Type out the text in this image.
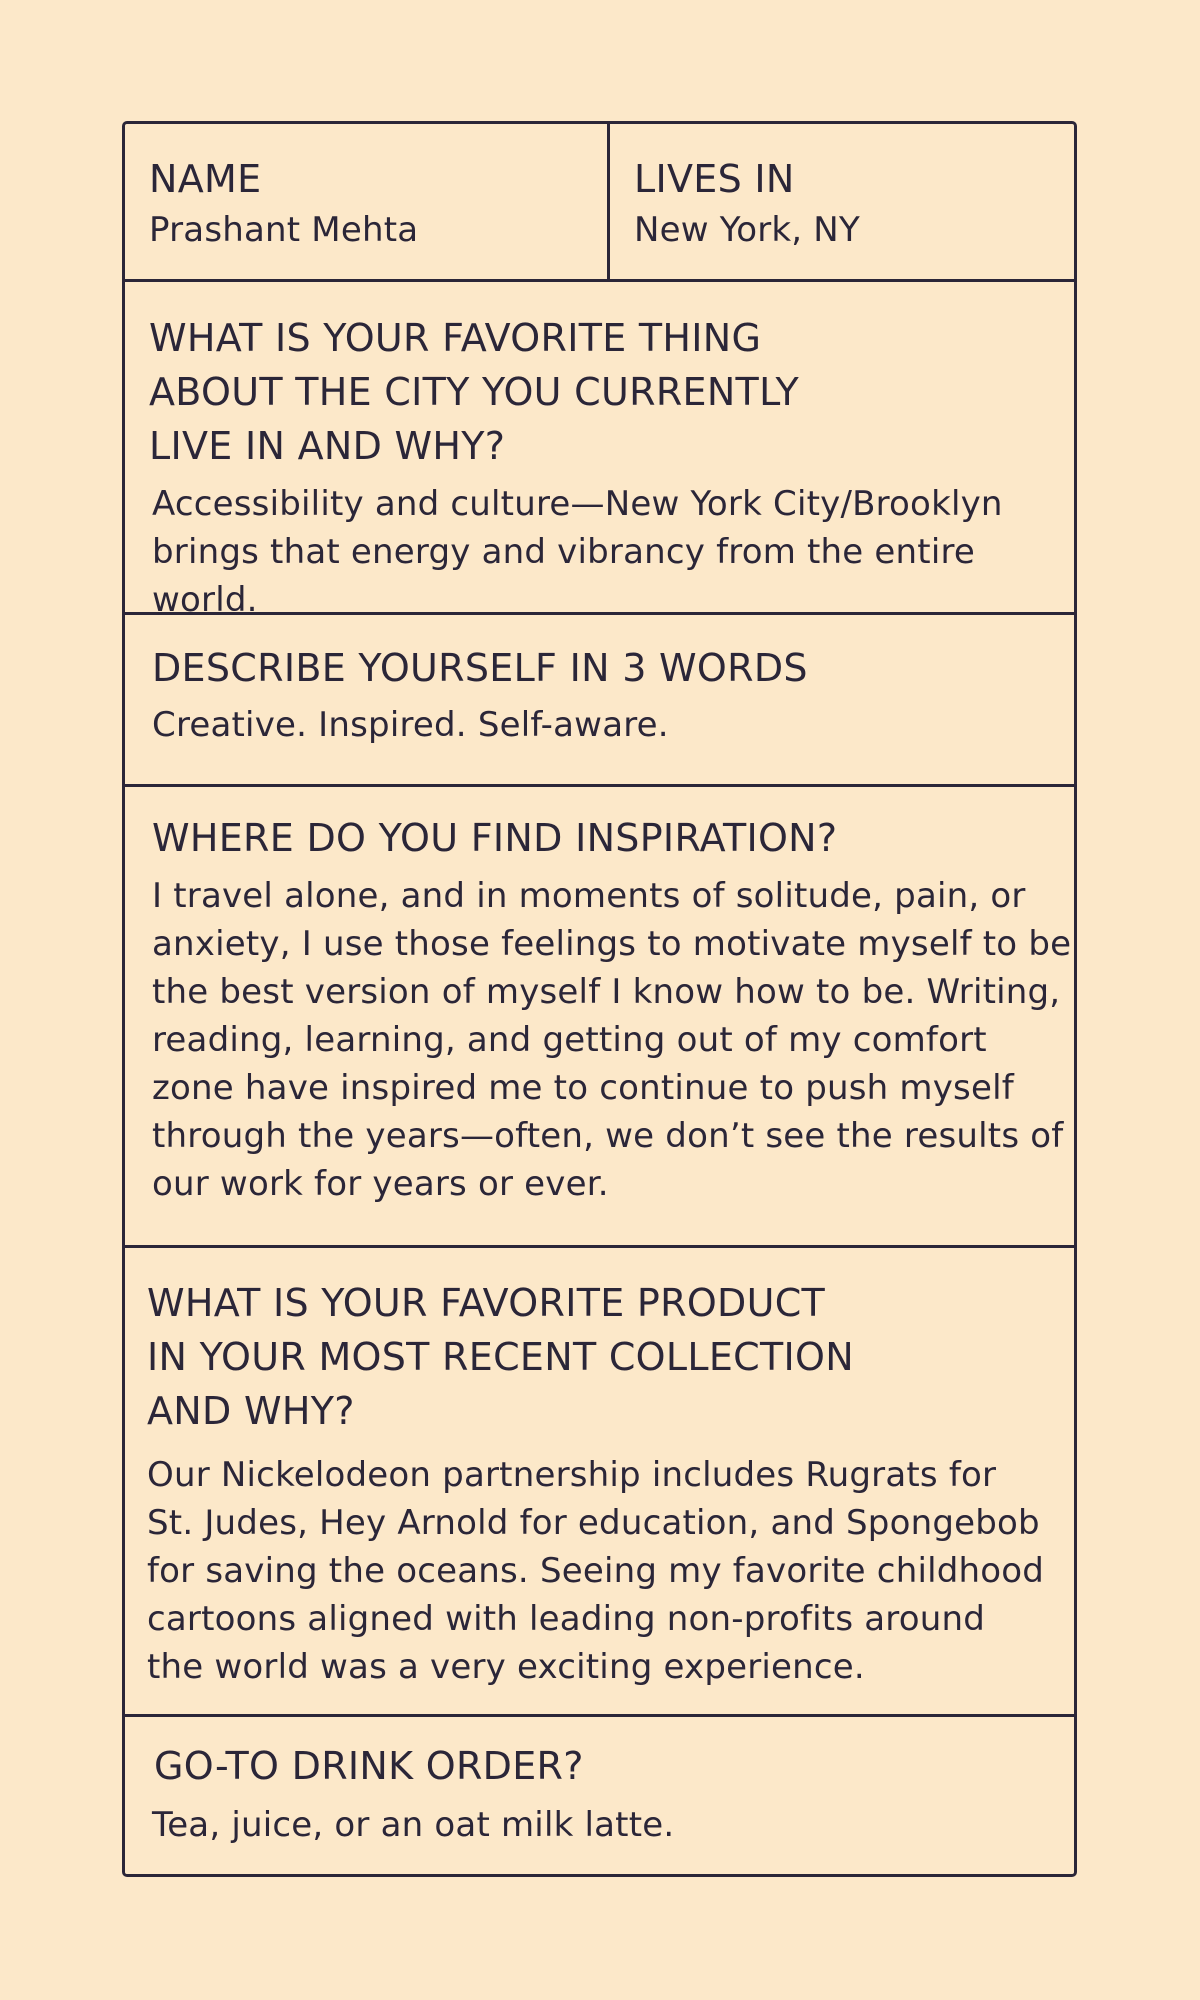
NAME

Prashant Mehta

LIVES IN

New York, NY

WHAT IS YOUR FAVORITE THING
ABOUT THE CITY YOU CURRENTLY
LIVE IN AND WHY?

Accessibility and culture—New York City/Brooklyn
brings that energy and vibrancy from the entire world.

DESCRIBE YOURSELF IN 3 WORDS

Creative. Inspired. Self-aware.

WHERE DO YOU FIND INSPIRATION?

I travel alone, and in moments of solitude, pain, or
anxiety, I use those feelings to motivate myself to be
the best version of myself I know how to be. Writing,
reading, learning, and getting out of my comfort
zone have inspired me to continue to push myself
through the years—often, we don’t see the results of
our work for years or ever.

WHAT IS YOUR FAVORITE PRODUCT
IN YOUR MOST RECENT COLLECTION
AND WHY?

Our Nickelodeon partnership includes Rugrats for
St. Judes, Hey Arnold for education, and Spongebob
for saving the oceans. Seeing my favorite childhood
cartoons aligned with leading non-profits around
the world was a very exciting experience.

GO-TO DRINK ORDER?

Tea, juice, or an oat milk latte.
